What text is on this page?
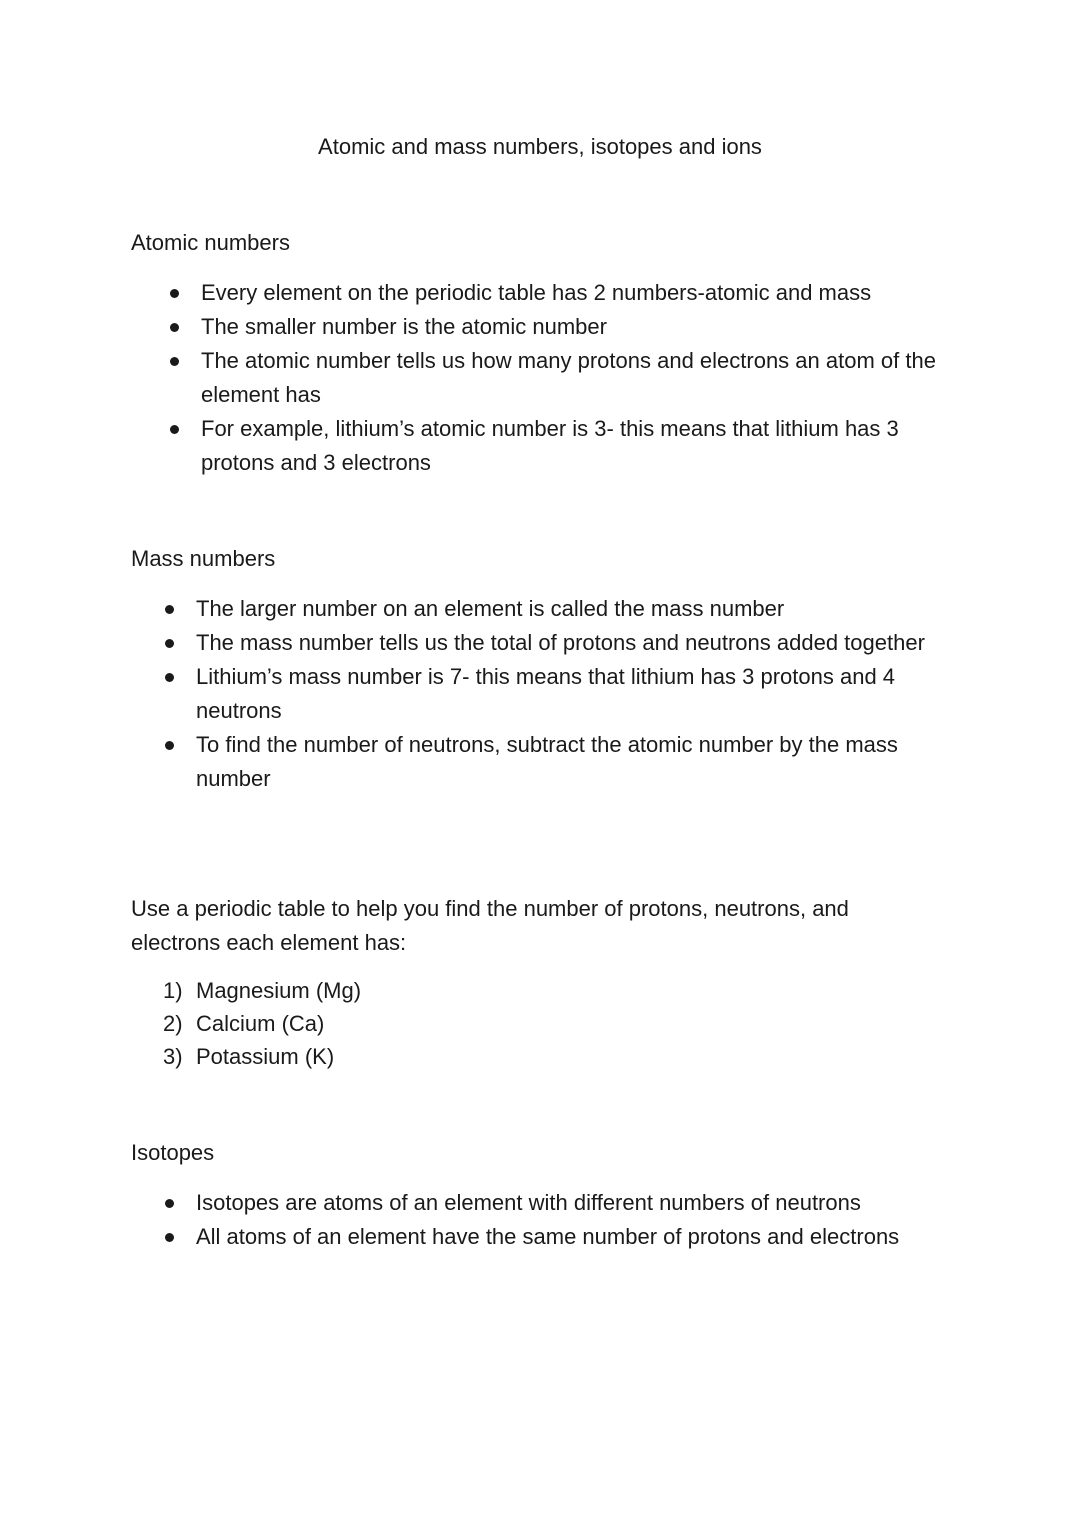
Atomic and mass numbers, isotopes and ions
Atomic numbers
Every element on the periodic table has 2 numbers-atomic and mass
The smaller number is the atomic number
The atomic number tells us how many protons and electrons an atom of the element has
For example, lithium’s atomic number is 3- this means that lithium has 3 protons and 3 electrons
Mass numbers
The larger number on an element is called the mass number
The mass number tells us the total of protons and neutrons added together
Lithium’s mass number is 7- this means that lithium has 3 protons and 4 neutrons
To find the number of neutrons, subtract the atomic number by the mass number
Use a periodic table to help you find the number of protons, neutrons, and electrons each element has:
1) Magnesium (Mg)
2) Calcium (Ca)
3) Potassium (K)
Isotopes
Isotopes are atoms of an element with different numbers of neutrons
All atoms of an element have the same number of protons and electrons
